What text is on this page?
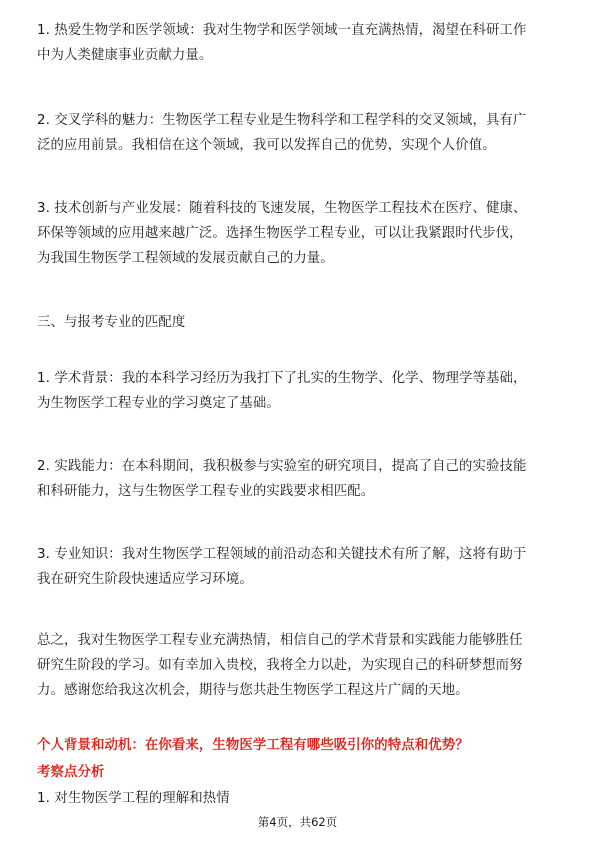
1. 热爱生物学和医学领域：我对生物学和医学领域一直充满热情，渴望在科研工作
中为人类健康事业贡献力量。

2. 交叉学科的魅力：生物医学工程专业是生物科学和工程学科的交叉领域，具有广
泛的应用前景。我相信在这个领域，我可以发挥自己的优势，实现个人价值。

3. 技术创新与产业发展：随着科技的飞速发展，生物医学工程技术在医疗、健康、
环保等领域的应用越来越广泛。选择生物医学工程专业，可以让我紧跟时代步伐，
为我国生物医学工程领域的发展贡献自己的力量。

三、与报考专业的匹配度

1. 学术背景：我的本科学习经历为我打下了扎实的生物学、化学、物理学等基础，
为生物医学工程专业的学习奠定了基础。

2. 实践能力：在本科期间，我积极参与实验室的研究项目，提高了自己的实验技能
和科研能力，这与生物医学工程专业的实践要求相匹配。

3. 专业知识：我对生物医学工程领域的前沿动态和关键技术有所了解，这将有助于
我在研究生阶段快速适应学习环境。

总之，我对生物医学工程专业充满热情，相信自己的学术背景和实践能力能够胜任
研究生阶段的学习。如有幸加入贵校，我将全力以赴，为实现自己的科研梦想而努
力。感谢您给我这次机会，期待与您共赴生物医学工程这片广阔的天地。

个人背景和动机：在你看来，生物医学工程有哪些吸引你的特点和优势？

考察点分析

1. 对生物医学工程的理解和热情

第4页，共62页
